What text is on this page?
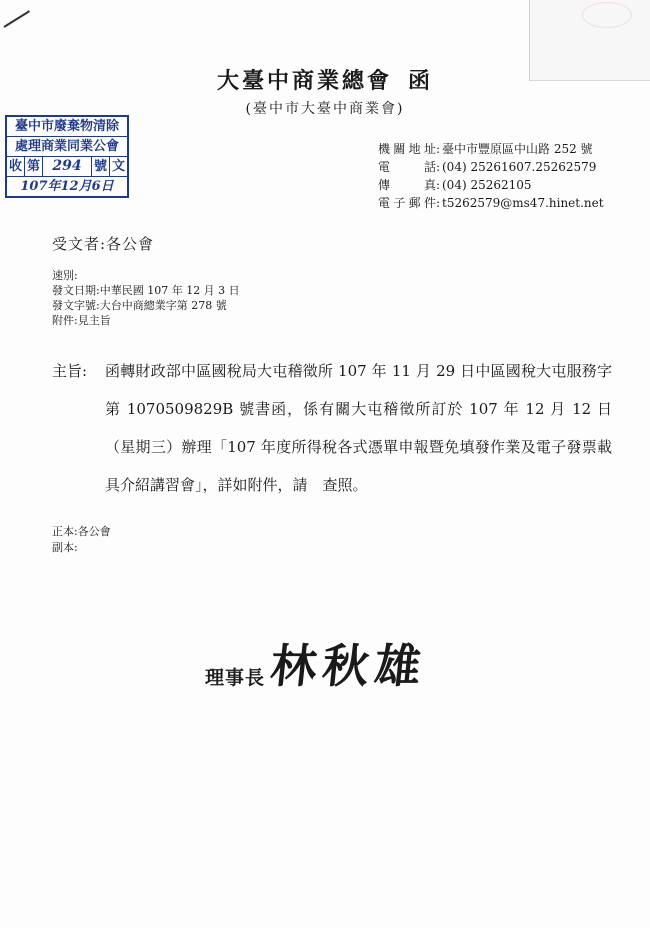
臺中市廢棄物清除
處理商業同業公會
收 第 294 號 文
107年12月6日
大臺中商業總會 函
(臺中市大臺中商業會)
機關地址 : 臺中市豐原區中山路 252 號
電話 : (04) 25261607.25262579
傳真 : (04) 25262105
電子郵件 : t5262579@ms47.hinet.net
受文者:各公會
速別:
發文日期:中華民國 107 年 12 月 3 日
發文字號:大台中商總業字第 278 號
附件:見主旨
主旨: 函轉財政部中區國稅局大屯稽徵所 107 年 11 月 29 日中區國稅大屯服務字第 1070509829B 號書函，係有關大屯稽徵所訂於 107 年 12 月 12 日（星期三）辦理「107 年度所得稅各式憑單申報暨免填發作業及電子發票載具介紹講習會」，詳如附件，請　查照。
正本:各公會
副本:
理事長 林秋雄
